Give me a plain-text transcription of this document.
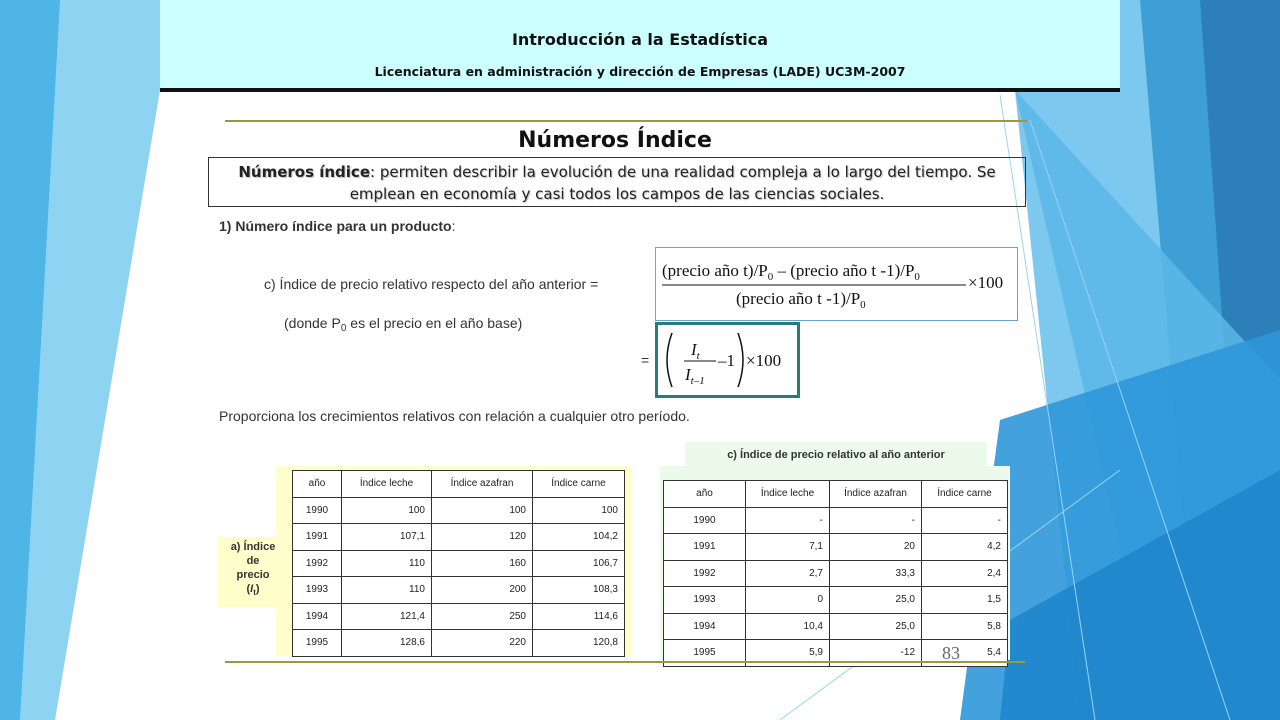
Introducción a la Estadística
Licenciatura en administración y dirección de Empresas (LADE) UC3M-2007
Números Índice
Números índice: permiten describir la evolución de una realidad compleja a lo largo del tiempo. Se emplean en economía y casi todos los campos de las ciencias sociales.
1) Número índice para un producto:
c) Índice de precio relativo respecto del año anterior =
(donde $P_0$ es el precio en el año base)
=
(precio año $t)/P_0$ – (precio año t $-1)/P_0$
(precio año t $-1)/P_0$
×100
$I_t$
$I_{t-1}$
–1 ×100
Proporciona los crecimientos relativos con relación a cualquier otro período.
a) Índice
de
precio
$(I_t)$
año	Índice leche	Índice azafran	Índice carne
1990	100	100	100
1991	107,1	120	104,2
1992	110	160	106,7
1993	110	200	108,3
1994	121,4	250	114,6
1995	128,6	220	120,8
c) Índice de precio relativo al año anterior
año	Índice leche	Índice azafran	Índice carne
1990	-	-	-
1991	7,1	20	4,2
1992	2,7	33,3	2,4
1993	0	25,0	1,5
1994	10,4	25,0	5,8
1995	5,9	-12	5,4
83
